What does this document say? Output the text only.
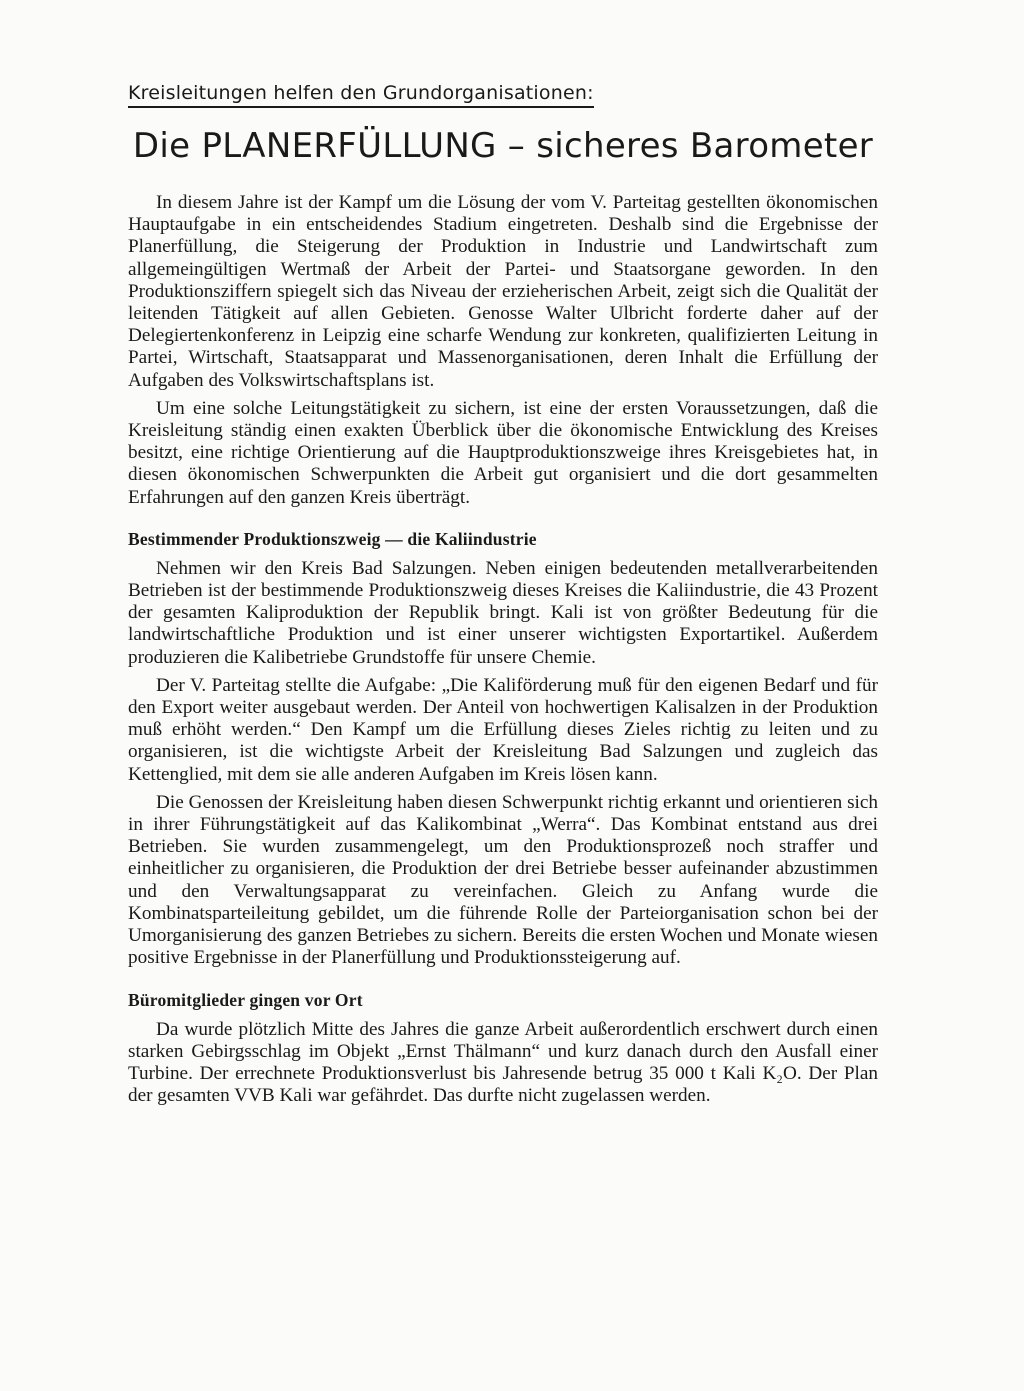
Kreisleitungen helfen den Grundorganisationen:
Die PLANERFÜLLUNG – sicheres Barometer

In diesem Jahre ist der Kampf um die Lösung der vom V. Parteitag gestellten ökonomischen Hauptaufgabe in ein entscheidendes Stadium eingetreten. Deshalb sind die Ergebnisse der Planerfüllung, die Steigerung der Produktion in Industrie und Landwirtschaft zum allgemeingültigen Wertmaß der Arbeit der Partei- und Staatsorgane geworden. In den Produktionsziffern spiegelt sich das Niveau der erzieherischen Arbeit, zeigt sich die Qualität der leitenden Tätigkeit auf allen Gebieten. Genosse Walter Ulbricht forderte daher auf der Delegiertenkonferenz in Leipzig eine scharfe Wendung zur konkreten, qualifizierten Leitung in Partei, Wirtschaft, Staatsapparat und Massenorganisationen, deren Inhalt die Erfüllung der Aufgaben des Volkswirtschaftsplans ist.

Um eine solche Leitungstätigkeit zu sichern, ist eine der ersten Voraussetzungen, daß die Kreisleitung ständig einen exakten Überblick über die ökonomische Entwicklung des Kreises besitzt, eine richtige Orientierung auf die Hauptproduktionszweige ihres Kreisgebietes hat, in diesen ökonomischen Schwerpunkten die Arbeit gut organisiert und die dort gesammelten Erfahrungen auf den ganzen Kreis überträgt.

Bestimmender Produktionszweig — die Kaliindustrie

Nehmen wir den Kreis Bad Salzungen. Neben einigen bedeutenden metallverarbeitenden Betrieben ist der bestimmende Produktionszweig dieses Kreises die Kaliindustrie, die 43 Prozent der gesamten Kaliproduktion der Republik bringt. Kali ist von größter Bedeutung für die landwirtschaftliche Produktion und ist einer unserer wichtigsten Exportartikel. Außerdem produzieren die Kalibetriebe Grundstoffe für unsere Chemie.

Der V. Parteitag stellte die Aufgabe: „Die Kaliförderung muß für den eigenen Bedarf und für den Export weiter ausgebaut werden. Der Anteil von hochwertigen Kalisalzen in der Produktion muß erhöht werden.“ Den Kampf um die Erfüllung dieses Zieles richtig zu leiten und zu organisieren, ist die wichtigste Arbeit der Kreisleitung Bad Salzungen und zugleich das Kettenglied, mit dem sie alle anderen Aufgaben im Kreis lösen kann.

Die Genossen der Kreisleitung haben diesen Schwerpunkt richtig erkannt und orientieren sich in ihrer Führungstätigkeit auf das Kalikombinat „Werra“. Das Kombinat entstand aus drei Betrieben. Sie wurden zusammengelegt, um den Produktionsprozeß noch straffer und einheitlicher zu organisieren, die Produktion der drei Betriebe besser aufeinander abzustimmen und den Verwaltungsapparat zu vereinfachen. Gleich zu Anfang wurde die Kombinatsparteileitung gebildet, um die führende Rolle der Parteiorganisation schon bei der Umorganisierung des ganzen Betriebes zu sichern. Bereits die ersten Wochen und Monate wiesen positive Ergebnisse in der Planerfüllung und Produktionssteigerung auf.

Büromitglieder gingen vor Ort

Da wurde plötzlich Mitte des Jahres die ganze Arbeit außerordentlich erschwert durch einen starken Gebirgsschlag im Objekt „Ernst Thälmann“ und kurz danach durch den Ausfall einer Turbine. Der errechnete Produktionsverlust bis Jahresende betrug 35 000 t Kali K₂O. Der Plan der gesamten VVB Kali war gefährdet. Das durfte nicht zugelassen werden.
